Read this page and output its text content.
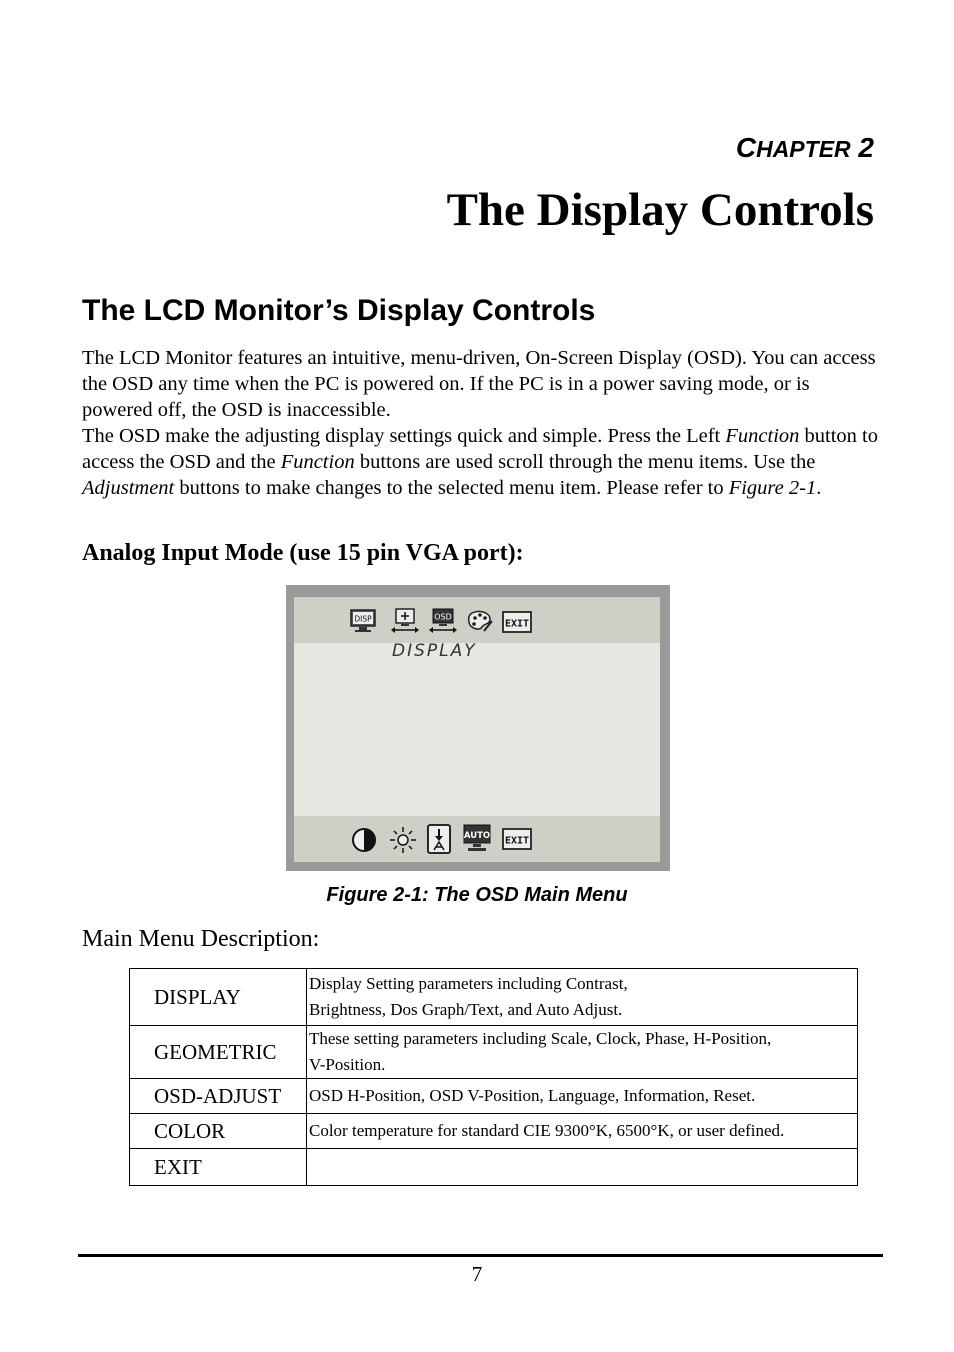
CHAPTER 2
The Display Controls
The LCD Monitor’s Display Controls
The LCD Monitor features an intuitive, menu-driven, On-Screen Display (OSD). You can access the OSD any time when the PC is powered on. If the PC is in a power saving mode, or is powered off, the OSD is inaccessible.
The OSD make the adjusting display settings quick and simple. Press the Left Function button to access the OSD and the Function buttons are used scroll through the menu items. Use the Adjustment buttons to make changes to the selected menu item. Please refer to Figure 2-1.
Analog Input Mode (use 15 pin VGA port):
DISP	OSD
EXIT
DISPLAY
AUTO EXIT
Figure 2-1: The OSD Main Menu
Main Menu Description:
DISPLAY	Display Setting parameters including Contrast,
Brightness, Dos Graph/Text, and Auto Adjust.

GEOMETRIC	These setting parameters including Scale, Clock, Phase, H-Position,
V-Position.

OSD-ADJUST	OSD H-Position, OSD V-Position, Language, Information, Reset.
COLOR	Color temperature for standard CIE 9300°K, 6500°K, or user defined.
EXIT	
7
